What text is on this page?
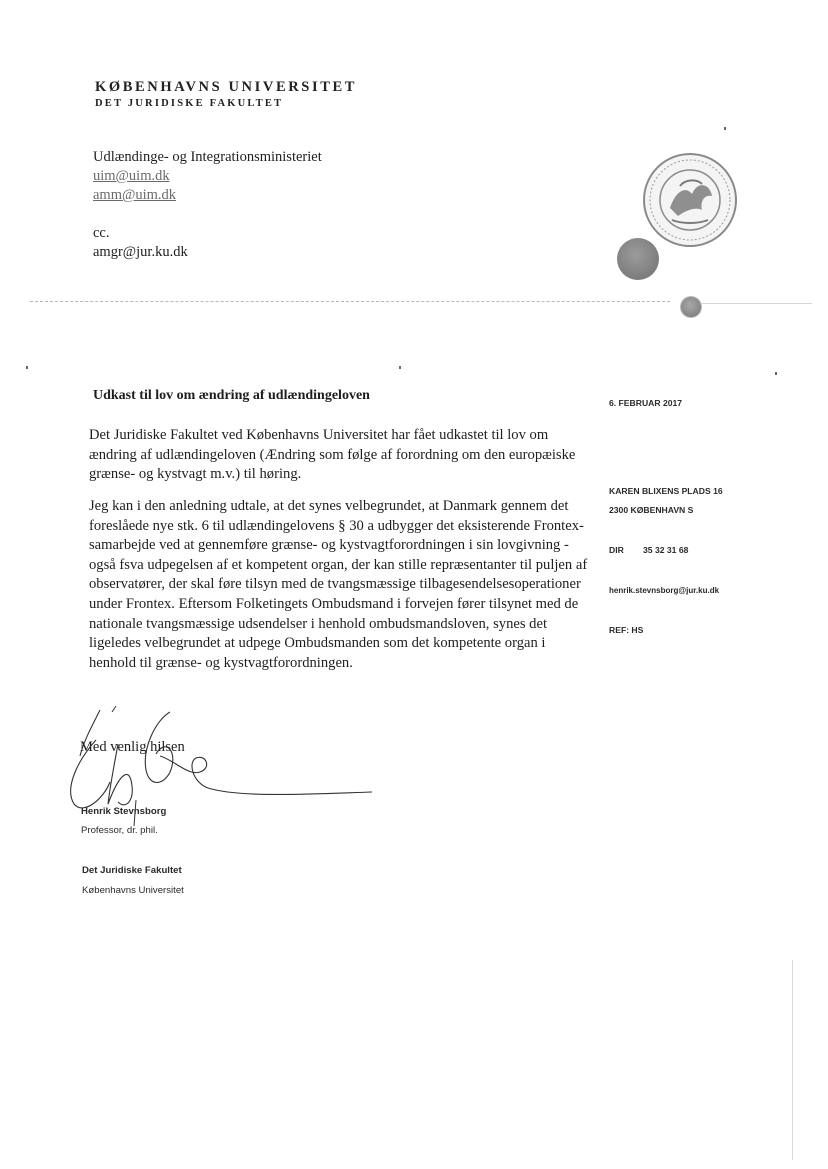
KØBENHAVNS UNIVERSITET
DET JURIDISKE FAKULTET
Udlændinge- og Integrationsministeriet
uim@uim.dk
amm@uim.dk
cc.
amgr@jur.ku.dk
Udkast til lov om ændring af udlændingeloven
Det Juridiske Fakultet ved Københavns Universitet har fået udkastet til lov om ændring af udlændingeloven (Ændring som følge af forordning om den europæiske grænse- og kystvagt m.v.) til høring.
Jeg kan i den anledning udtale, at det synes velbegrundet, at Danmark gennem det foreslåede nye stk. 6 til udlændingelovens § 30 a udbygger det eksisterende Frontex-samarbejde ved at gennemføre grænse- og kystvagtforordningen i sin lovgivning - også fsva udpegelsen af et kompetent organ, der kan stille repræsentanter til puljen af observatører, der skal føre tilsyn med de tvangsmæssige tilbagesendelsesoperationer under Frontex. Eftersom Folketingets Ombudsmand i forvejen fører tilsynet med de nationale tvangsmæssige udsendelser i henhold ombudsmandsloven, synes det ligeledes velbegrundet at udpege Ombudsmanden som det kompetente organ i henhold til grænse- og kystvagtforordningen.
6. FEBRUAR 2017
KAREN BLIXENS PLADS 16
2300 KØBENHAVN S
DIR 35 32 31 68
henrik.stevnsborg@jur.ku.dk
REF: HS
Med venlig hilsen
Henrik Stevnsborg
Professor, dr. phil.
Det Juridiske Fakultet
Københavns Universitet
